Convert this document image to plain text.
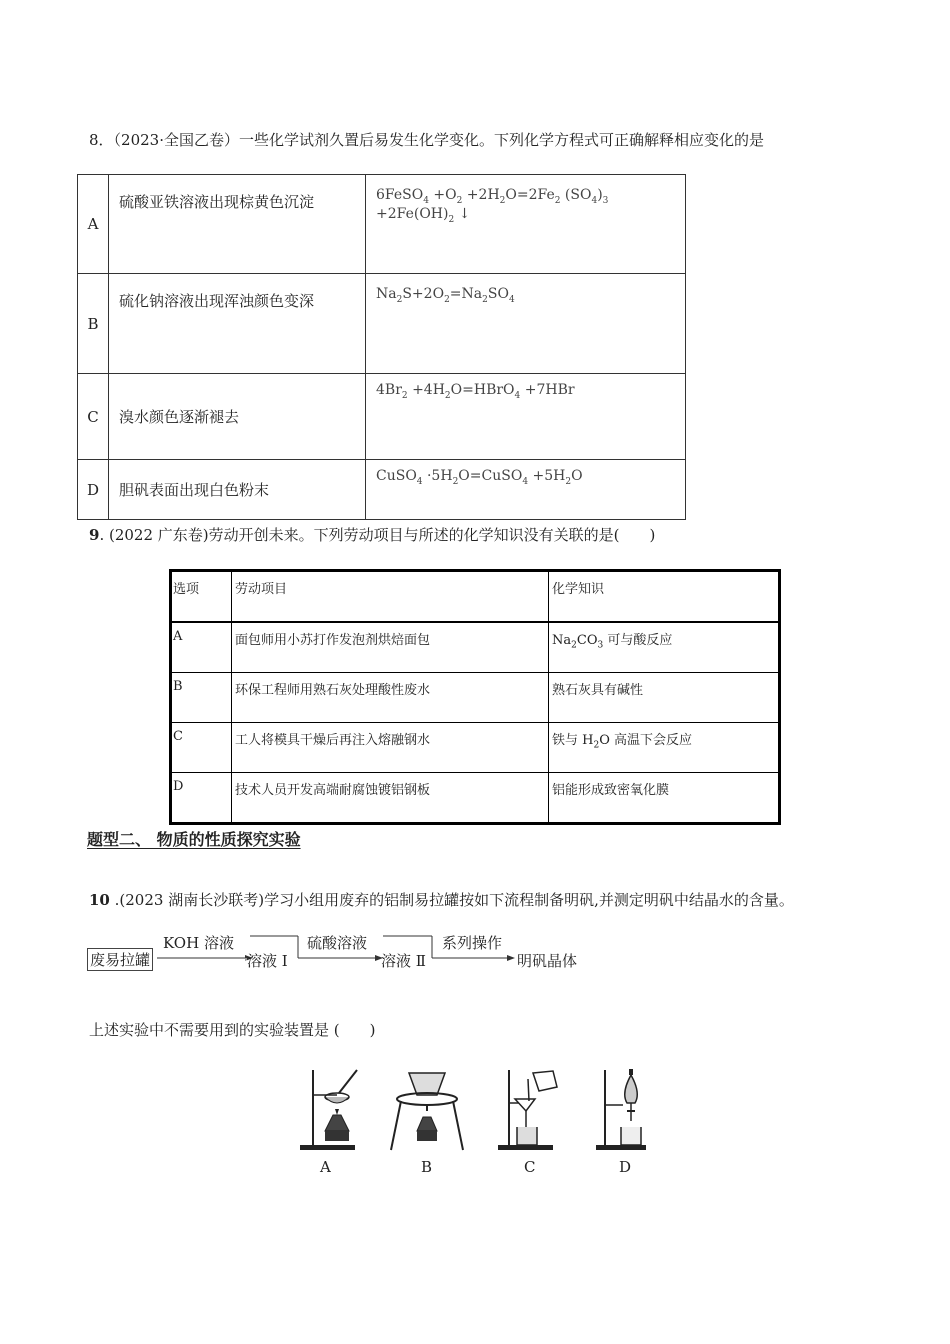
8．（2023·全国乙卷）一些化学试剂久置后易发生化学变化。下列化学方程式可正确解释相应变化的是
A	硫酸亚铁溶液出现棕黄色沉淀	6FeSO$_4$ $+O_2 +2H_2O=2Fe_2$ $(SO_4)_3 +2Fe(OH)_2$ ↓
B	硫化钠溶液出现浑浊颜色变深	$Na_2S+2O_2=Na_2SO_4$
C	溴水颜色逐渐褪去	$4Br_2$ $+4H_2O=HBrO_4 +7HBr$
D	胆矾表面出现白色粉末	CuSO$_4$ $\cdot 5H_2O=CuSO_4 +5H_2O$
9. (2022 广东卷)劳动开创未来。下列劳动项目与所述的化学知识没有关联的是(　　)
选项	劳动项目	化学知识
A	面包师用小苏打作发泡剂烘焙面包	$Na_2CO_3$ 可与酸反应
B	环保工程师用熟石灰处理酸性废水	熟石灰具有碱性
C	工人将模具干燥后再注入熔融钢水	铁与 $H_2O$ 高温下会反应
D	技术人员开发高端耐腐蚀镀铝钢板	铝能形成致密氧化膜
题型二、 物质的性质探究实验
10 .(2023 湖南长沙联考)学习小组用废弃的铝制易拉罐按如下流程制备明矾,并测定明矾中结晶水的含量。
废易拉罐
KOH 溶液
溶液 Ⅰ
硫酸溶液
溶液 Ⅱ
系列操作
明矾晶体
上述实验中不需要用到的实验装置是 (　　)
A	B	C	D
